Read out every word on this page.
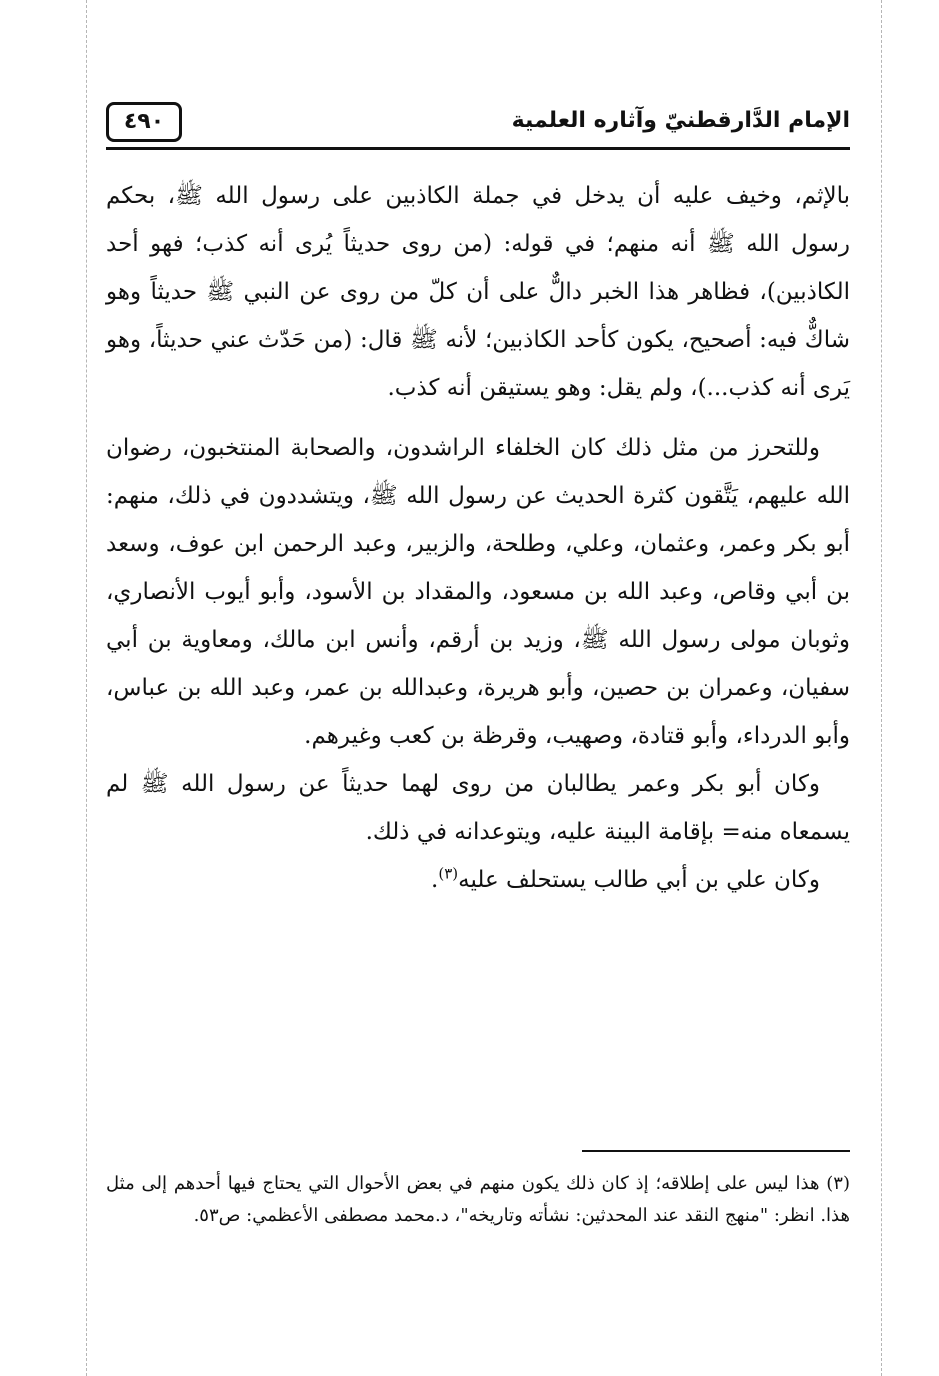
الإمام الدَّارقطنيّ وآثاره العلمية
٤٩٠

بالإثم، وخيف عليه أن يدخل في جملة الكاذبين على رسول الله ﷺ، بحكم رسول الله ﷺ أنه منهم؛ في قوله: (من روى حديثاً يُرى أنه كذب؛ فهو أحد الكاذبين)، فظاهر هذا الخبر دالٌّ على أن كلّ من روى عن النبي ﷺ حديثاً وهو شاكٌّ فيه: أصحيح، يكون كأحد الكاذبين؛ لأنه ﷺ قال: (من حَدّث عني حديثاً، وهو يَرى أنه كذب...)، ولم يقل: وهو يستيقن أنه كذب.

وللتحرز من مثل ذلك كان الخلفاء الراشدون، والصحابة المنتخبون، رضوان الله عليهم، يَتَّقون كثرة الحديث عن رسول الله ﷺ، ويتشددون في ذلك، منهم: أبو بكر وعمر، وعثمان، وعلي، وطلحة، والزبير، وعبد الرحمن ابن عوف، وسعد بن أبي وقاص، وعبد الله بن مسعود، والمقداد بن الأسود، وأبو أيوب الأنصاري، وثوبان مولى رسول الله ﷺ، وزيد بن أرقم، وأنس ابن مالك، ومعاوية بن أبي سفيان، وعمران بن حصين، وأبو هريرة، وعبدالله بن عمر، وعبد الله بن عباس، وأبو الدرداء، وأبو قتادة، وصهيب، وقرظة بن كعب وغيرهم.

وكان أبو بكر وعمر يطالبان من روى لهما حديثاً عن رسول الله ﷺ لم يسمعاه منه= بإقامة البينة عليه، ويتوعدانه في ذلك.

وكان علي بن أبي طالب يستحلف عليه$^{(٣)}$.

(٣) هذا ليس على إطلاقه؛ إذ كان ذلك يكون منهم في بعض الأحوال التي يحتاج فيها أحدهم إلى مثل هذا. انظر: "منهج النقد عند المحدثين: نشأته وتاريخه"، د.محمد مصطفى الأعظمي: ص٥٣.
